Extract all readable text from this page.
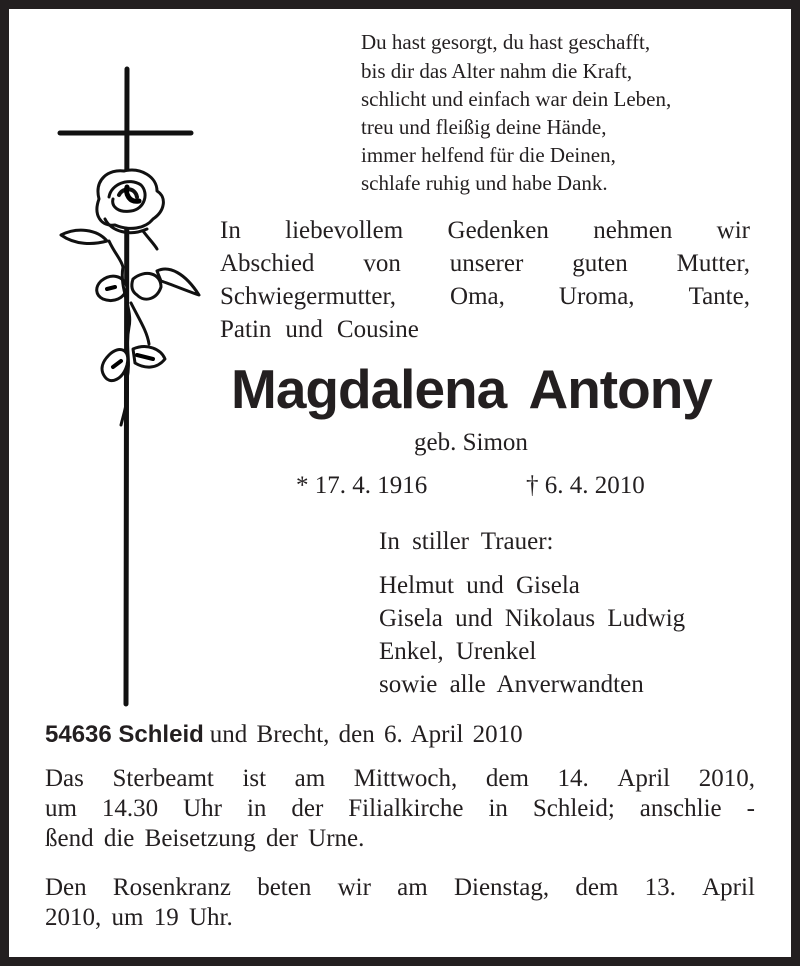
Du hast gesorgt, du hast geschafft,
bis dir das Alter nahm die Kraft,
schlicht und einfach war dein Leben,
treu und fleißig deine Hände,
immer helfend für die Deinen,
schlafe ruhig und habe Dank.
In liebevollem Gedenken nehmen wir
Abschied von unserer guten Mutter,
Schwiegermutter, Oma, Uroma, Tante,
Patin und Cousine
Magdalena Antony
geb. Simon
* 17. 4. 1916	† 6. 4. 2010
In stiller Trauer:
Helmut und Gisela
Gisela und Nikolaus Ludwig
Enkel, Urenkel
sowie alle Anverwandten
54636 Schleid und Brecht, den 6. April 2010
Das Sterbeamt ist am Mittwoch, dem 14. April 2010,
um 14.30 Uhr in der Filialkirche in Schleid; anschlie -
ßend die Beisetzung der Urne.
Den Rosenkranz beten wir am Dienstag, dem 13. April
2010, um 19 Uhr.
